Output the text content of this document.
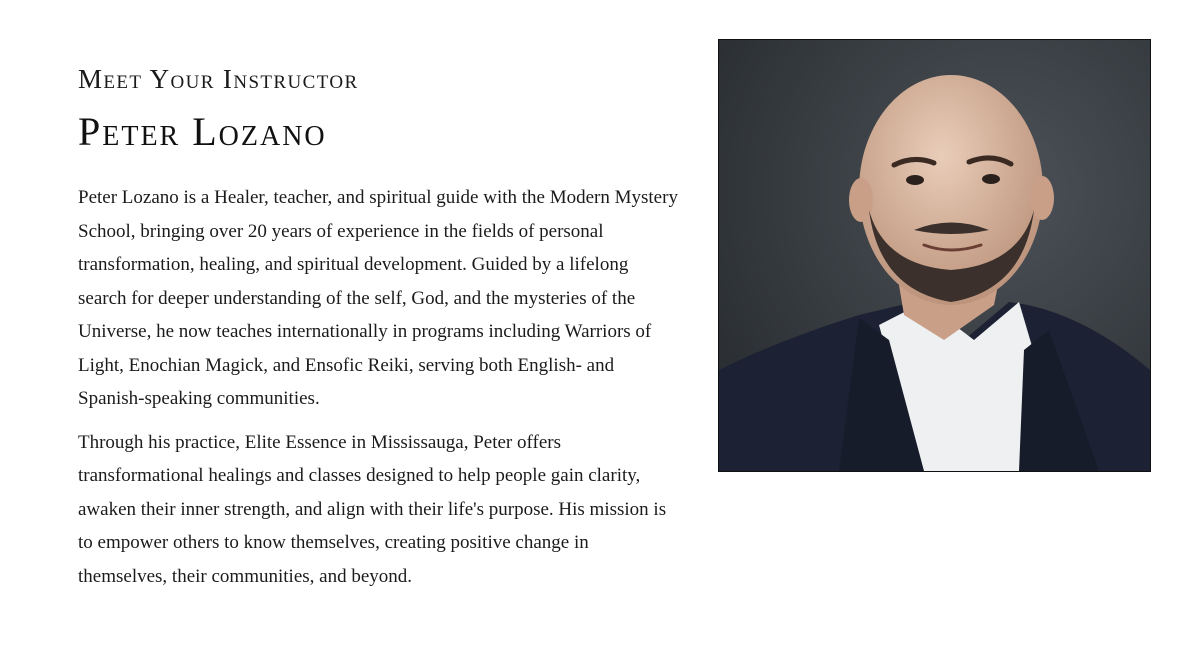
Meet Your Instructor
Peter Lozano

Peter Lozano is a Healer, teacher, and spiritual guide with the Modern Mystery School, bringing over 20 years of experience in the fields of personal transformation, healing, and spiritual development. Guided by a lifelong search for deeper understanding of the self, God, and the mysteries of the Universe, he now teaches internationally in programs including Warriors of Light, Enochian Magick, and Ensofic Reiki, serving both English- and Spanish-speaking communities.

Through his practice, Elite Essence in Mississauga, Peter offers transformational healings and classes designed to help people gain clarity, awaken their inner strength, and align with their life's purpose. His mission is to empower others to know themselves, creating positive change in themselves, their communities, and beyond.
